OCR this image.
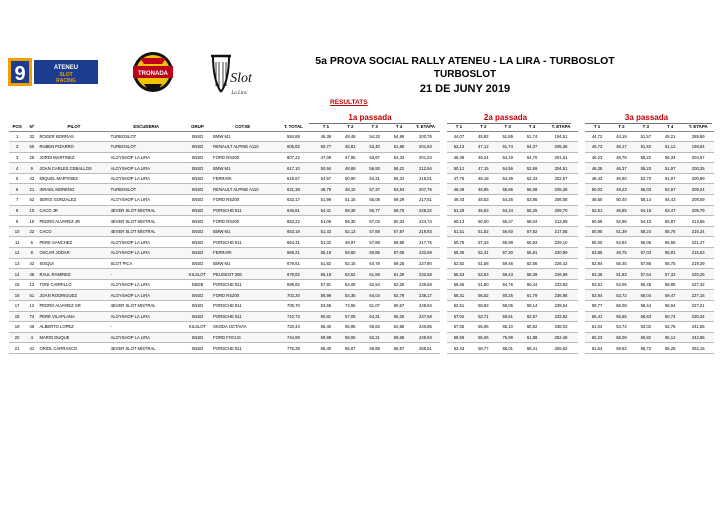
9	ATENEU
SLOT
RACING
TRONADA	Slot
La Lira
5a PROVA SOCIAL RALLY ATENEU - LA LIRA - TURBOSLOT
TURBOSLOT
21 DE JUNY 2019
RESULTATS
1a passada	2a passada	3a passada
POS	Nº	PILOT	ESCUDERIA	GRUP	COTXE	T. TOTAL	T 1	T 2	T 3	T 4	T. ETAPA		T 1	T 2	T 3	T 4	T. ETAPA		T 1	T 2	T 3	T 4	T. ETAPA
1	32	ROGER BORRAS	TURBOSLOT	SNSD	BMW M1	584,89	46,39	48,48	54,33	54,99	200,76		44,07	45,92	51,89	51,74	194,51		44,72	44,19	51,57	49,21	289,69
2	50	RUBEN PIZARRO	TURBOSLOT	SNSD	RENAULT ALPINE A110	606,82	50,77	45,81	53,40	51,95	201,93		52,13	47,12	51,74	54,37	205,36		46,72	46,17	51,52	61,12	198,54
3	25	JORDI MARTINEZ	ALOYSHOP LA LIRA	SNSD	FORD RS200	807,22	47,09	47,95	53,67	53,33	201,04		46,48	46,24	54,19	54,70	201,61		46,23	46,78	55,22	56,34	204,57
4	9	JOAN CARLES CEBALLOS	ALOYSHOP LA LIRA	SNSD	BMW M1	617,10	50,94	48,89	56,93	56,22	212,94		50,12	47,15	54,56	52,69	204,51		48,28	46,37	55,23	51,97	200,25
5	43	MIQUEL MARTINEZ	ALOYSHOP LA LIRA	SNSD	FERRARI	618,67	54,57	50,90	54,21	55,34	215,01		47,75	48,18	54,39	52,43	202,67		48,43	46,90	52,70	51,97	200,99
6	21	ISRAEL MORENO	TURBOSLOT	SNSD	RENAULT ALPINE A110	621,38	48,75	48,10	57,37	53,54	207,76		48,49	46,95	55,86	56,08	205,38		50,02	49,23	55,03	52,67	208,24
7	52	SERGI GONZALEZ	ALOYSHOP LA LIRA	SNSD	FORD RS200	632,17	51,99	51,15	55,08	59,29	217,51		49,43	48,53	54,26	53,86	206,08		48,60	50,40	55,14	54,43	208,59
8	10	CACO JR	4EVER SLOT MISTRAL	SNSD	PORSCHE 911	646,81	54,41	58,38	56,77	58,76	228,32		51,29	46,83	54,34	55,25	209,70		52,51	46,85	54,16	53,47	208,79
9	10	PEDRO ALVAREZ JR	4EVER SLOT MISTRAL	SNSD	FORD RS200	652,22	51,06	56,30	57,04	60,34	224,74		50,13	50,00	55,37	58,04	213,69		50,69	52,96	54,13	55,87	213,65
10	22	CACO	4EVER SLOT MISTRAL	SNSD	BMW M1	653,18	51,43	52,13	57,69	57,87	219,93		51,51	51,52	56,60	57,92	217,55		50,85	51,39	58,24	55,76	216,24
11	6	PERE SANCHEZ	ALOYSHOP LA LIRA	SNSD	PORSCHE 911	664,31	51,02	49,97	57,88	58,88	217,75		50,75	57,43	59,98	60,93	229,10		55,00	54,84	56,05	55,58	221,47
12	8	OSCAR JODAR	ALOYSHOP LA LIRA	SNSD	FERRARI	669,21	55,18	59,60	60,85	57,06	232,69		55,35	52,41	57,30	55,81	220,99		53,85	48,75	57,03	55,91	215,53
13	42	SISQUI	SLOT PICA	SNSD	BMW M1	679,61	51,82	52,15	64,78	59,25	227,80		52,82	51,58	59,46	62,56	226,42		52,94	55,45	57,86	55,75	219,39
14	48	RAUL RAMIREZ	-	KILSLOT	PEUGEOT 206	679,82	56,18	53,52	61,59	61,29	232,58		55,53	53,63	59,43	58,39	226,99		53,46	51,83	57,64	57,33	220,25
15	13	TONI CARRILLO	ALOYSHOP LA LIRA	NSDB	PORSCHE 911	696,82	57,91	53,08	62,54	62,25	235,58		56,65	51,80	64,76	60,44	233,83		53,51	54,05	60,45	58,85	227,42
16	51	JOAN RODRIGUEZ	ALOYSHOP LA LIRA	SNSD	FORD RS200	702,20	56,99	54,35	64,04	62,79	238,17		58,31	56,52	60,25	61,79	236,86		53,94	53,72	60,04	59,47	227,16
17	12	PEDRO ALVAREZ SR	4EVER SLOT MISTRAL	SNSD	PORSCHE 911	705,70	53,65	74,55	61,07	60,67	248,94		52,51	58,83	58,05	59,14	228,54		59,77	56,08	58,44	58,94	227,21
18	74	PERE VILAPLANA	ALOYSHOP LA LIRA	SNSD	PORSCHE 911	710,73	60,81	57,09	64,31	65,26	247,58		57,02	53,71	59,51	62,57	232,82		55,41	55,55	58,63	60,74	230,34
19	46	ALBERTO LOPEZ	-	KILSLOT	SKODA OCTAVIA	720,44	56,40	55,95	65,63	62,88	240,86		57,05	55,06	65,10	60,82	238,03		61,04	54,74	63,02	62,76	241,55
20	4	MARIO DUQUE	ALOYSHOP LA LIRA	SNSD	FORD FOCUS	744,99	59,98	58,05	62,21	69,68	249,93		59,59	55,06	75,99	61,88	252,48		60,23	56,09	60,82	65,12	242,66
21	41	ORIOL CARRASCO	4EVER SLOT MISTRAL	SNSD	PORSCHE 911	776,28	65,40	65,67	66,88	68,57	268,51		63,43	58,77	66,01	68,41	255,62		61,54	59,62	65,72	65,28	252,15
